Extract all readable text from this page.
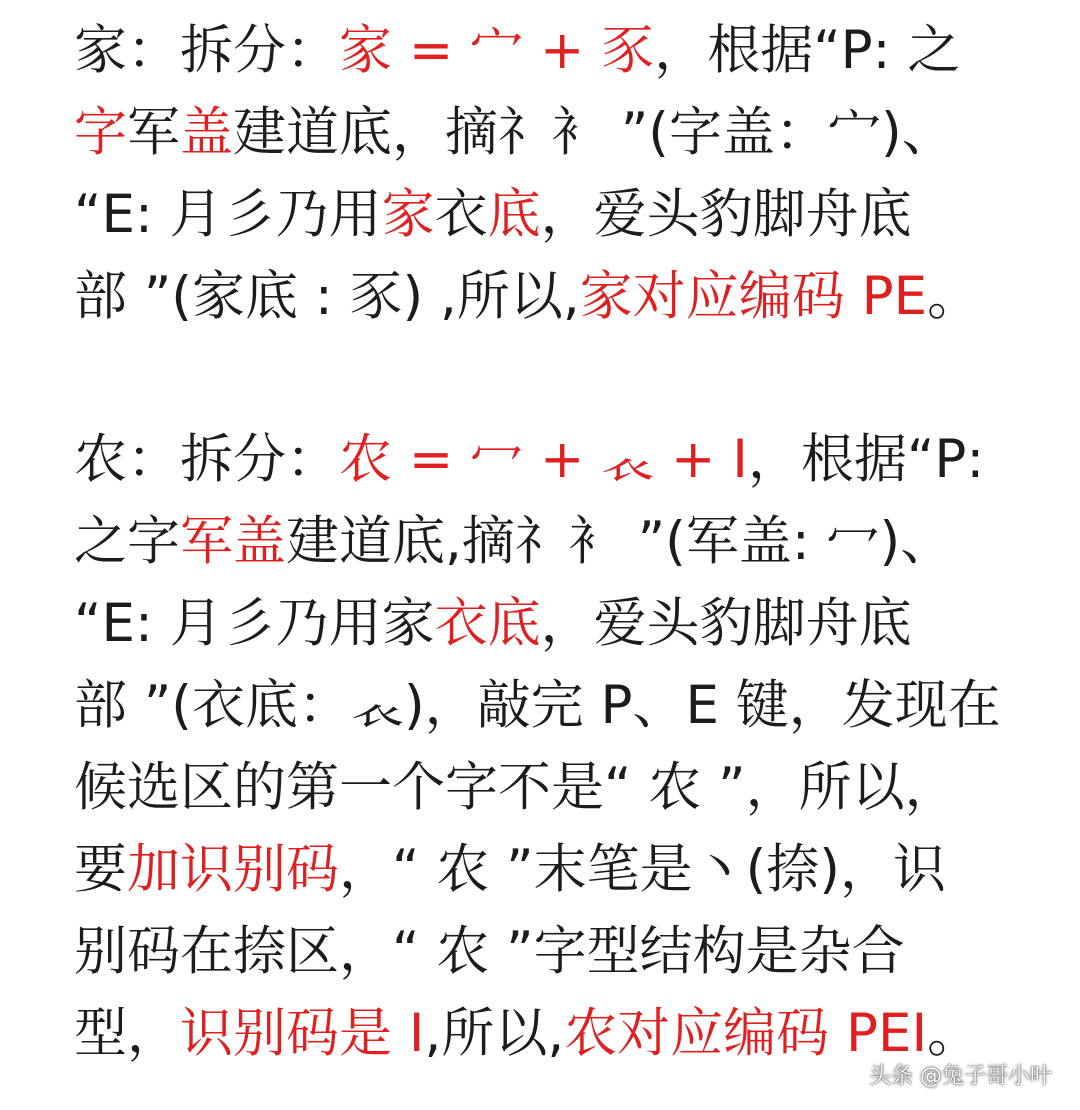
家：拆分：家 = 宀 + 豕，根据“P: 之
字军盖建道底，摘礻衤 ”(字盖：宀)、
“E: 月彡乃用家衣底，爱头豹脚舟底
部 ”(家底 : 豕) ,所以,家对应编码 PE。
农：拆分：农 = 冖 + 𧘇 + I，根据“P:
之字军盖建道底,摘礻衤 ”(军盖: 冖)、
“E: 月彡乃用家衣底，爱头豹脚舟底
部 ”(衣底：𧘇)，敲完 P、E 键，发现在
候选区的第一个字不是“ 农 ”，所以，
要加识别码，“ 农 ”末笔是丶(捺)，识
别码在捺区，“ 农 ”字型结构是杂合
型，识别码是 I,所以,农对应编码 PEI。
头条 @兔子哥小叶
